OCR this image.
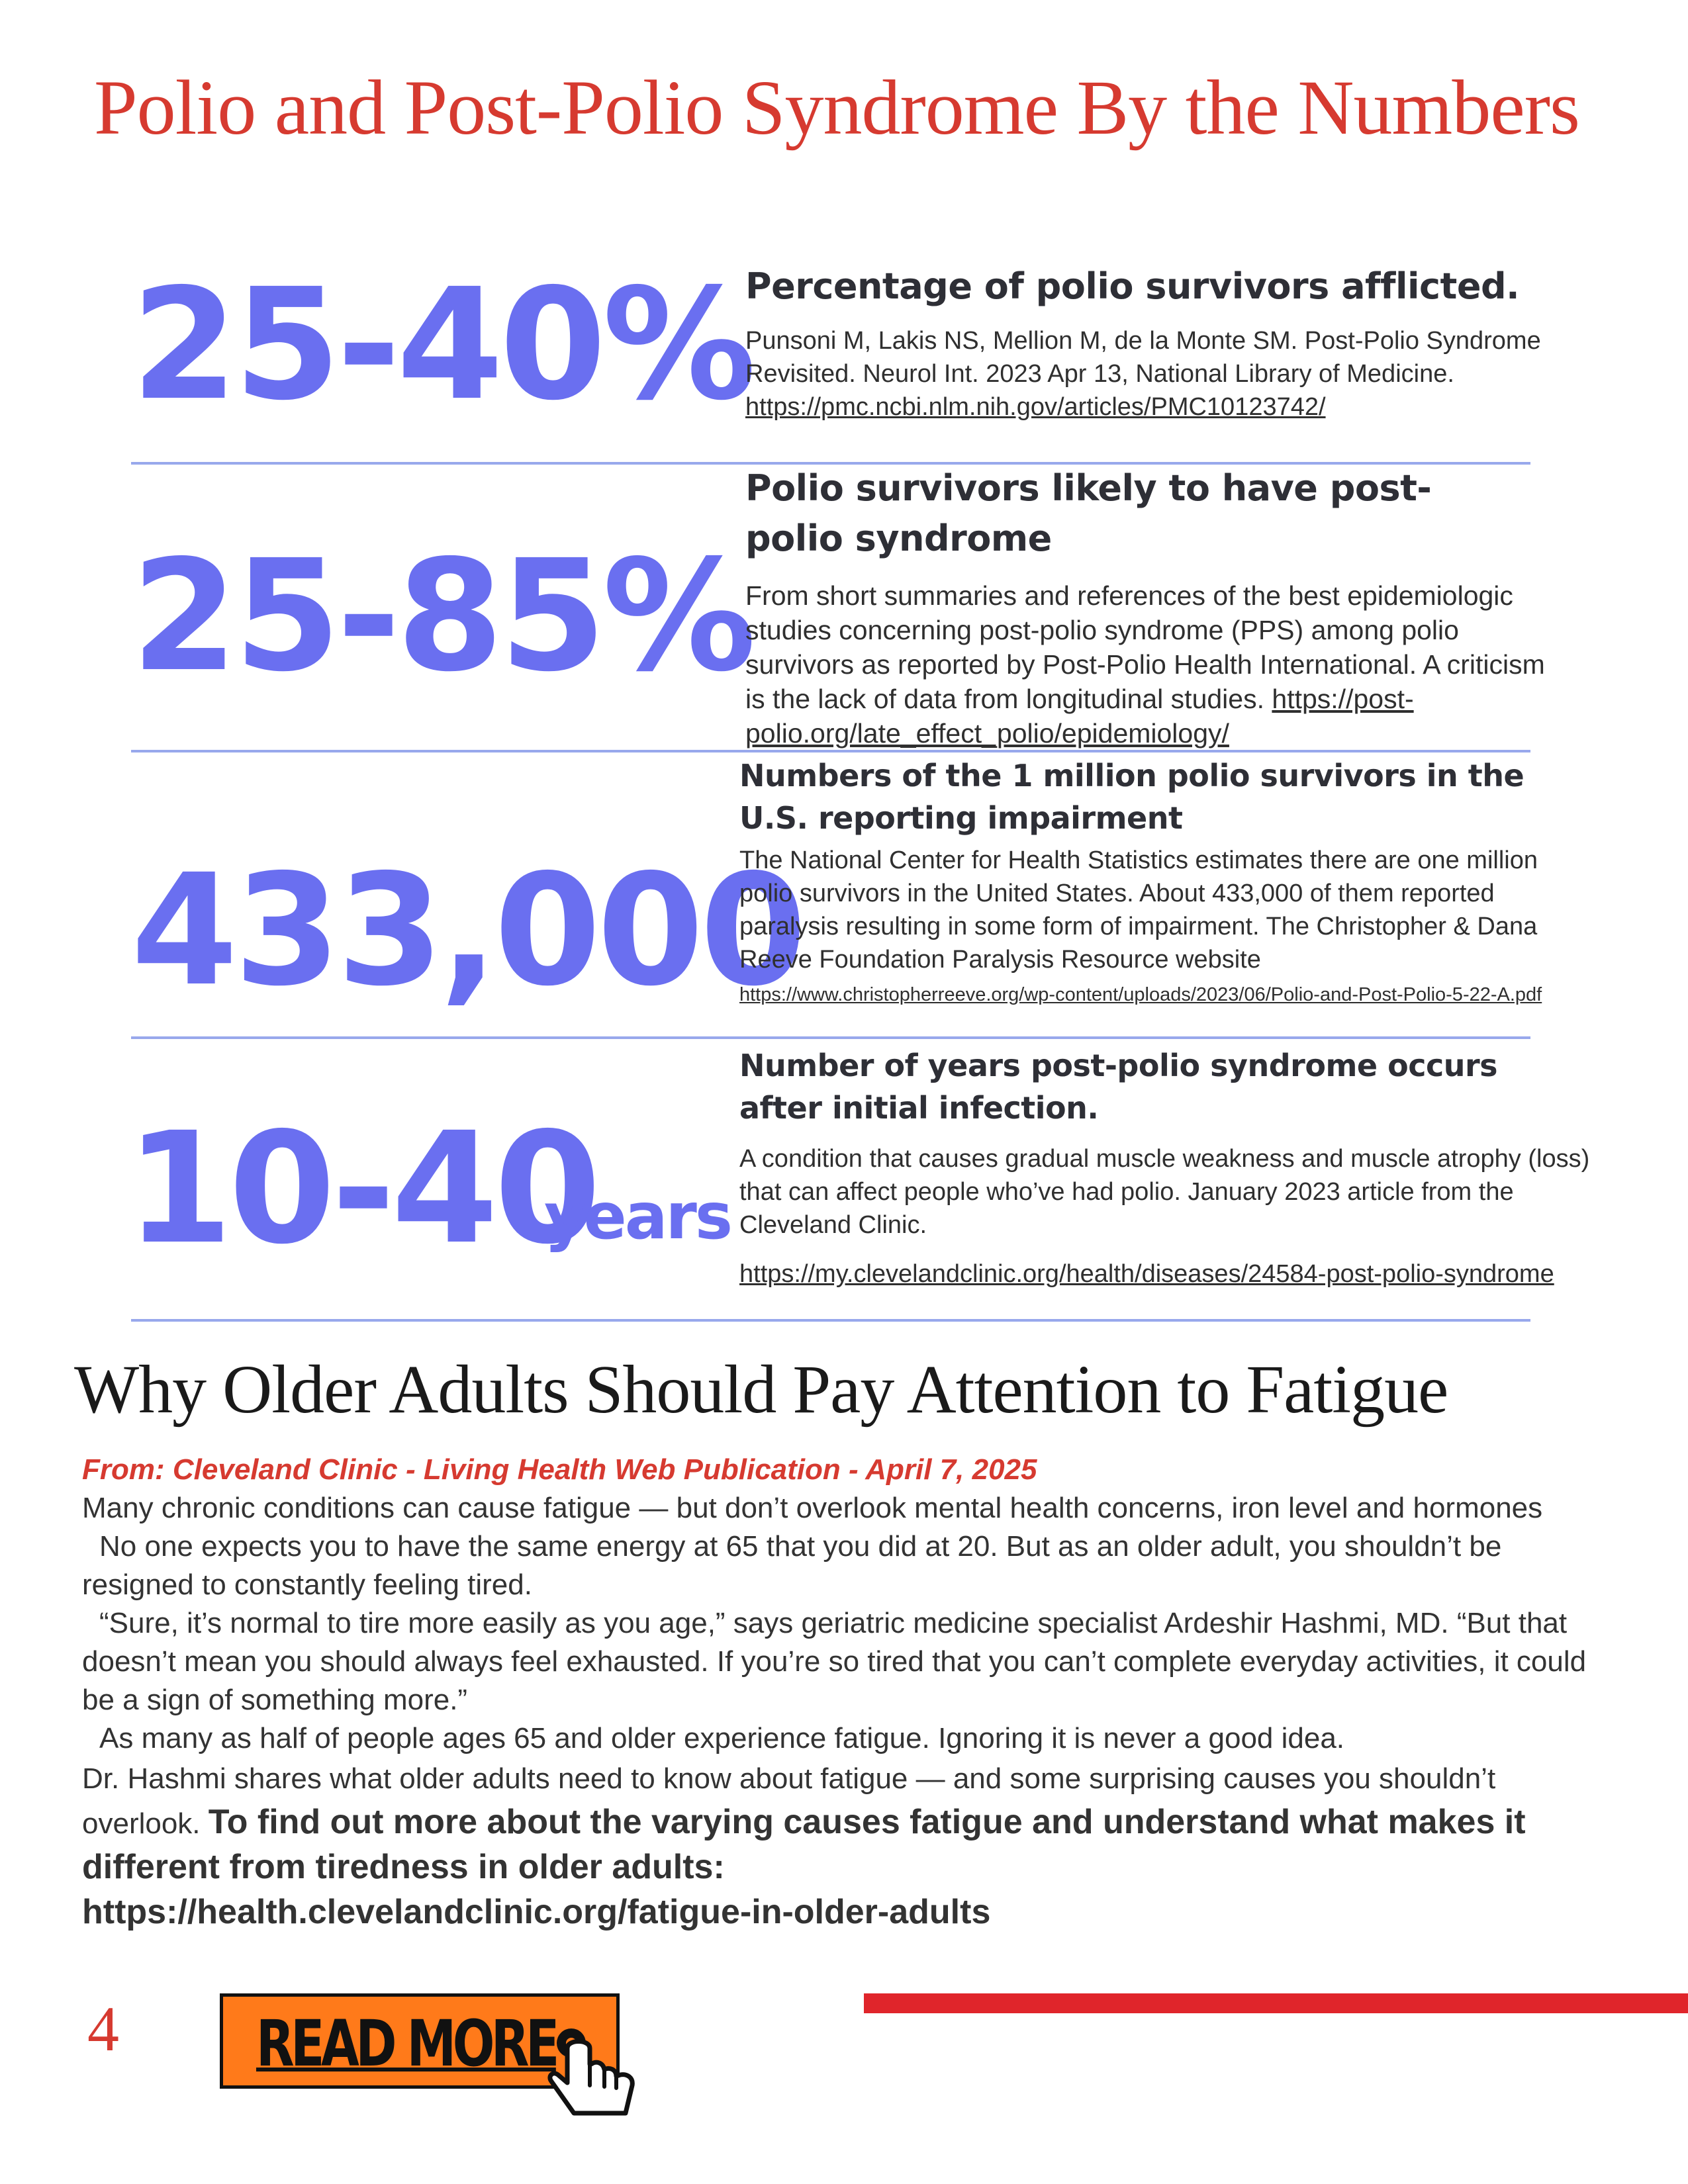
Polio and Post-Polio Syndrome By the Numbers
25-40%
Percentage of polio survivors afflicted.
Punsoni M, Lakis NS, Mellion M, de la Monte SM. Post-Polio Syndrome Revisited. Neurol Int. 2023 Apr 13, National Library of Medicine.
https://pmc.ncbi.nlm.nih.gov/articles/PMC10123742/
25-85%
Polio survivors likely to have post-polio syndrome
From short summaries and references of the best epidemiologic studies concerning post-polio syndrome (PPS) among polio survivors as reported by Post-Polio Health International. A criticism is the lack of data from longitudinal studies. https://post-polio.org/late_effect_polio/epidemiology/
433,000
Numbers of the 1 million polio survivors in the U.S. reporting impairment
The National Center for Health Statistics estimates there are one million polio survivors in the United States. About 433,000 of them reported paralysis resulting in some form of impairment. The Christopher & Dana Reeve Foundation Paralysis Resource website
https://www.christopherreeve.org/wp-content/uploads/2023/06/Polio-and-Post-Polio-5-22-A.pdf
10-40
years
Number of years post-polio syndrome occurs after initial infection.
A condition that causes gradual muscle weakness and muscle atrophy (loss) that can affect people who’ve had polio. January 2023 article from the Cleveland Clinic.
https://my.clevelandclinic.org/health/diseases/24584-post-polio-syndrome
Why Older Adults Should Pay Attention to Fatigue
From: Cleveland Clinic - Living Health Web Publication - April 7, 2025
Many chronic conditions can cause fatigue — but don’t overlook mental health concerns, iron level and hormones
No one expects you to have the same energy at 65 that you did at 20. But as an older adult, you shouldn’t be resigned to constantly feeling tired.
“Sure, it’s normal to tire more easily as you age,” says geriatric medicine specialist Ardeshir Hashmi, MD. “But that doesn’t mean you should always feel exhausted. If you’re so tired that you can’t complete everyday activities, it could be a sign of something more.”
As many as half of people ages 65 and older experience fatigue. Ignoring it is never a good idea.
Dr. Hashmi shares what older adults need to know about fatigue — and some surprising causes you shouldn’t overlook. To find out more about the varying causes fatigue and understand what makes it different from tiredness in older adults:
https://health.clevelandclinic.org/fatigue-in-older-adults
4 READ MORE
